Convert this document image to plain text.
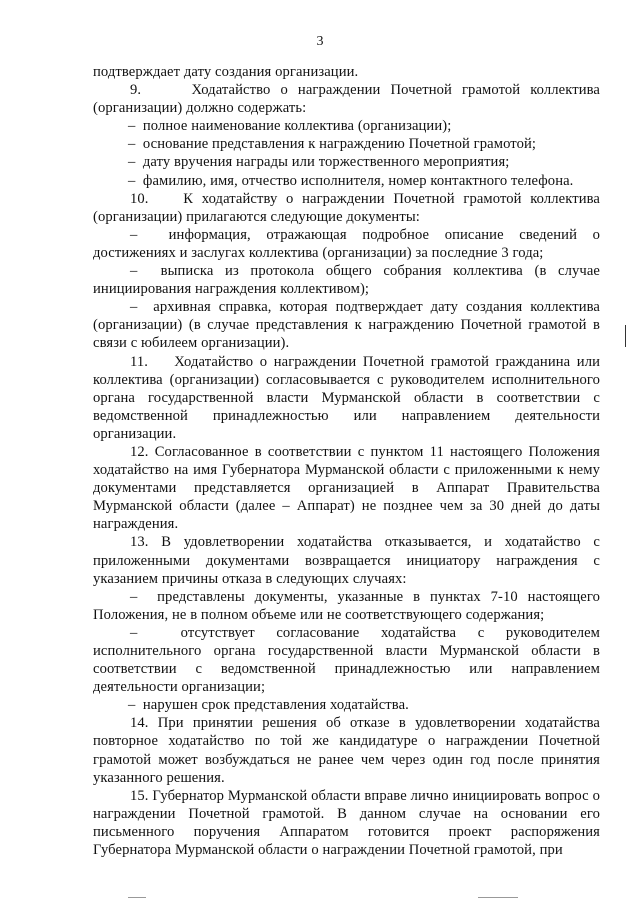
3

подтверждает дату создания организации.

9.     Ходатайство о награждении Почетной грамотой коллектива (организации) должно содержать:

–  полное наименование коллектива (организации);

–  основание представления к награждению Почетной грамотой;

–  дату вручения награды или торжественного мероприятия;

–  фамилию, имя, отчество исполнителя, номер контактного телефона.

10.    К ходатайству о награждении Почетной грамотой коллектива (организации) прилагаются следующие документы:

–  информация, отражающая подробное описание сведений о достижениях и заслугах коллектива (организации) за последние 3 года;

–  выписка из протокола общего собрания коллектива (в случае инициирования награждения коллективом);

–  архивная справка, которая подтверждает дату создания коллектива (организации) (в случае представления к награждению Почетной грамотой в связи с юбилеем организации).

11.    Ходатайство о награждении Почетной грамотой гражданина или коллектива (организации) согласовывается с руководителем исполнительного органа государственной власти Мурманской области в соответствии с ведомственной принадлежностью или направлением деятельности организации.

12. Согласованное в соответствии с пунктом 11 настоящего Положения ходатайство на имя Губернатора Мурманской области с приложенными к нему документами представляется организацией в Аппарат Правительства Мурманской области (далее – Аппарат) не позднее чем за 30 дней до даты награждения.

13. В удовлетворении ходатайства отказывается, и ходатайство с приложенными документами возвращается инициатору награждения с указанием причины отказа в следующих случаях:

–  представлены документы, указанные в пунктах 7-10 настоящего Положения, не в полном объеме или не соответствующего содержания;

–  отсутствует согласование ходатайства с руководителем исполнительного органа государственной власти Мурманской области в соответствии с ведомственной принадлежностью или направлением деятельности организации;

–  нарушен срок представления ходатайства.

14. При принятии решения об отказе в удовлетворении ходатайства повторное ходатайство по той же кандидатуре о награждении Почетной грамотой может возбуждаться не ранее чем через один год после принятия указанного решения.

15. Губернатор Мурманской области вправе лично инициировать вопрос о награждении Почетной грамотой. В данном случае на основании его письменного поручения Аппаратом готовится проект распоряжения Губернатора Мурманской области о награждении Почетной грамотой, при
